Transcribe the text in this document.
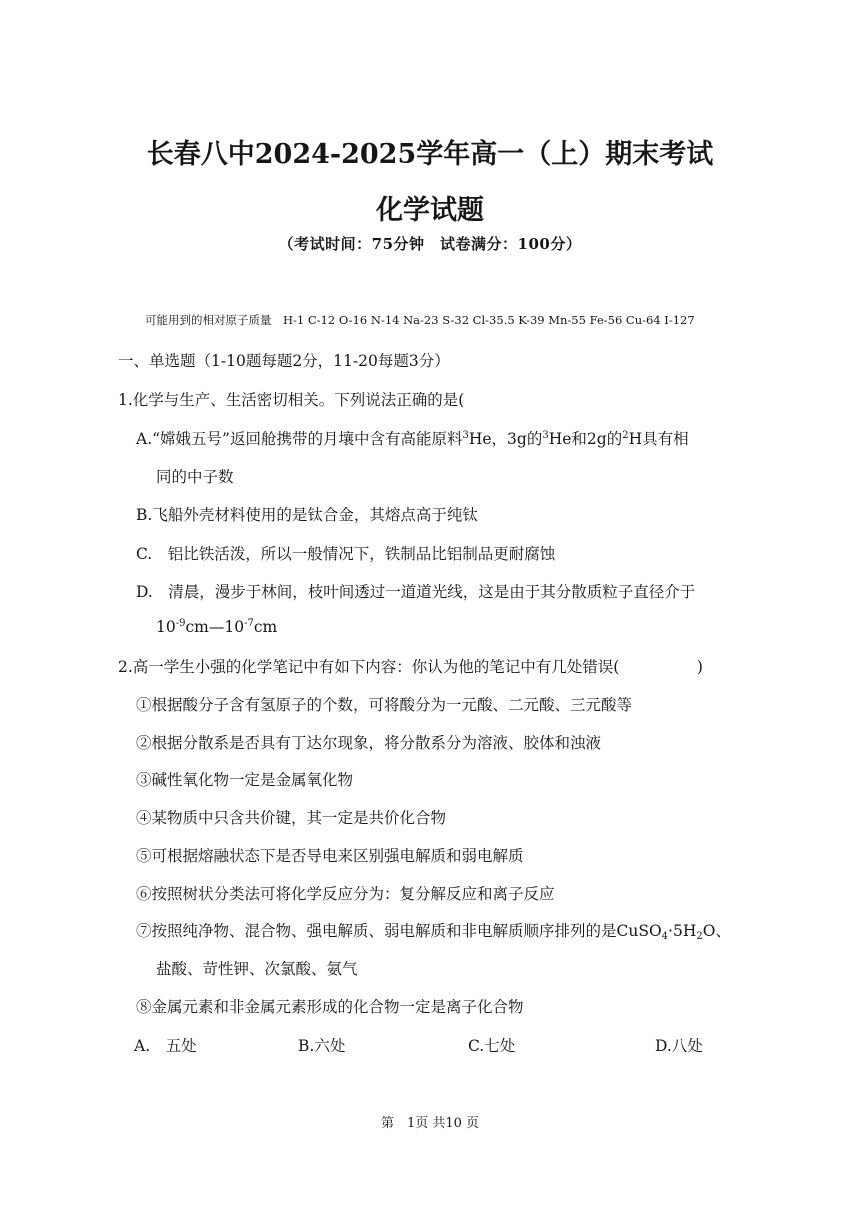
长春八中2024-2025学年高一（上）期末考试
化学试题
（考试时间：75分钟　试卷满分：100分）
可能用到的相对原子质量　H-1 C-12 O-16 N-14 Na-23 S-32 Cl-35.5 K-39 Mn-55 Fe-56 Cu-64 I-127
一、单选题（1-10题每题2分，11-20每题3分）
1.化学与生产、生活密切相关。下列说法正确的是(
A.“嫦娥五号”返回舱携带的月壤中含有高能原料$^3$He，3g的$^3$He和2g的$^2$H具有相
同的中子数
B.飞船外壳材料使用的是钛合金，其熔点高于纯钛
C.　铝比铁活泼，所以一般情况下，铁制品比铝制品更耐腐蚀
D.　清晨，漫步于林间，枝叶间透过一道道光线，这是由于其分散质粒子直径介于
$10^{-9}cm—10^{-7}cm$
2.高一学生小强的化学笔记中有如下内容：你认为他的笔记中有几处错误(　　　　　)
①根据酸分子含有氢原子的个数，可将酸分为一元酸、二元酸、三元酸等
②根据分散系是否具有丁达尔现象，将分散系分为溶液、胶体和浊液
③碱性氧化物一定是金属氧化物
④某物质中只含共价键，其一定是共价化合物
⑤可根据熔融状态下是否导电来区别强电解质和弱电解质
⑥按照树状分类法可将化学反应分为：复分解反应和离子反应
⑦按照纯净物、混合物、强电解质、弱电解质和非电解质顺序排列的是$CuSO_4\cdot 5H_2O$、
盐酸、苛性钾、次氯酸、氨气
⑧金属元素和非金属元素形成的化合物一定是离子化合物
A.　五处	B.六处	C.七处	D.八处
第　1页 共10 页
